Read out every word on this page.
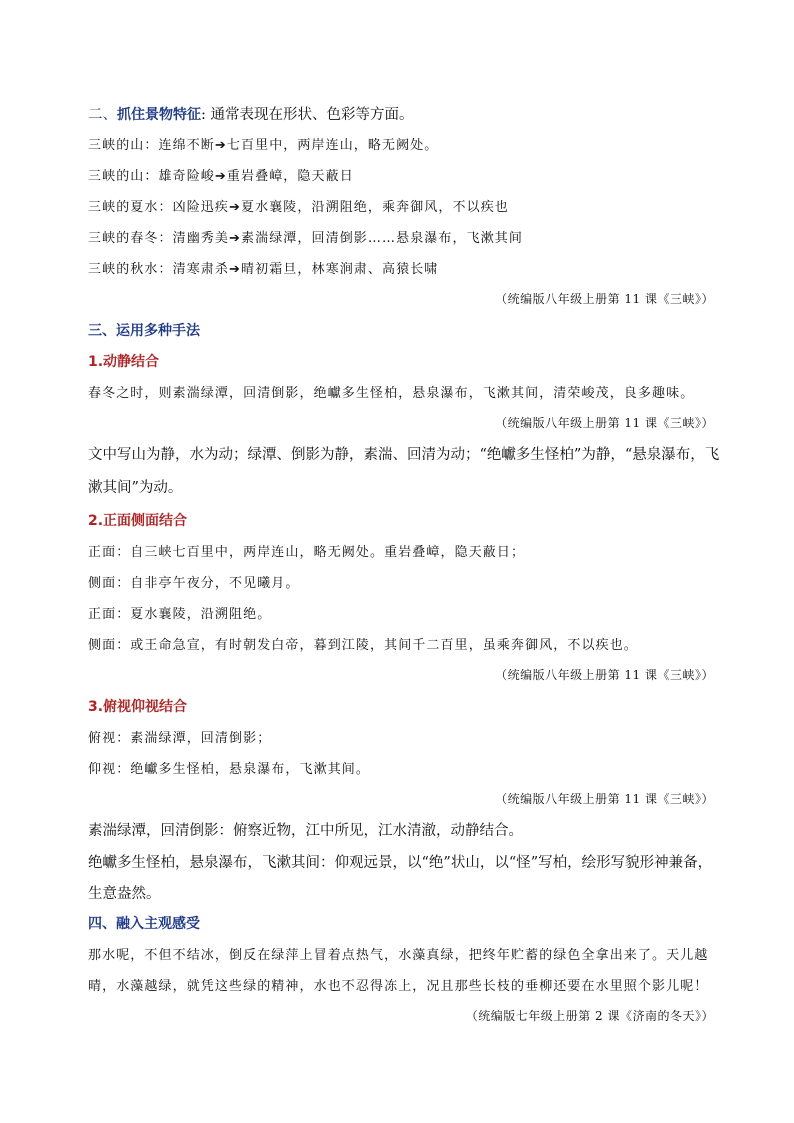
二、抓住景物特征: 通常表现在形状、色彩等方面。
三峡的山：连绵不断➔七百里中，两岸连山，略无阙处。
三峡的山：雄奇险峻➔重岩叠嶂，隐天蔽日
三峡的夏水：凶险迅疾➔夏水襄陵，沿溯阻绝，乘奔御风，不以疾也
三峡的春冬：清幽秀美➔素湍绿潭，回清倒影……悬泉瀑布，飞漱其间
三峡的秋水：清寒肃杀➔晴初霜旦，林寒涧肃、高猿长啸
（统编版八年级上册第 11 课《三峡》）
三、运用多种手法
1.动静结合
春冬之时，则素湍绿潭，回清倒影，绝巘多生怪柏，悬泉瀑布，飞漱其间，清荣峻茂，良多趣味。
（统编版八年级上册第 11 课《三峡》）
文中写山为静，水为动；绿潭、倒影为静，素湍、回清为动；“绝巘多生怪柏”为静，“悬泉瀑布，飞
漱其间”为动。
2.正面侧面结合
正面：自三峡七百里中，两岸连山，略无阙处。重岩叠嶂，隐天蔽日；
侧面：自非亭午夜分，不见曦月。
正面：夏水襄陵，沿溯阻绝。
侧面：或王命急宣，有时朝发白帝，暮到江陵，其间千二百里，虽乘奔御风，不以疾也。
（统编版八年级上册第 11 课《三峡》）
3.俯视仰视结合
俯视：素湍绿潭，回清倒影；
仰视：绝巘多生怪柏，悬泉瀑布，飞漱其间。
（统编版八年级上册第 11 课《三峡》）
素湍绿潭，回清倒影：俯察近物，江中所见，江水清澈，动静结合。
绝巘多生怪柏，悬泉瀑布，飞漱其间：仰观远景，以“绝”状山，以“怪”写柏，绘形写貌形神兼备，
生意盎然。
四、融入主观感受
那水呢，不但不结冰，倒反在绿萍上冒着点热气，水藻真绿，把终年贮蓄的绿色全拿出来了。天儿越
晴，水藻越绿，就凭这些绿的精神，水也不忍得冻上，况且那些长枝的垂柳还要在水里照个影儿呢！
（统编版七年级上册第 2 课《济南的冬天》）
